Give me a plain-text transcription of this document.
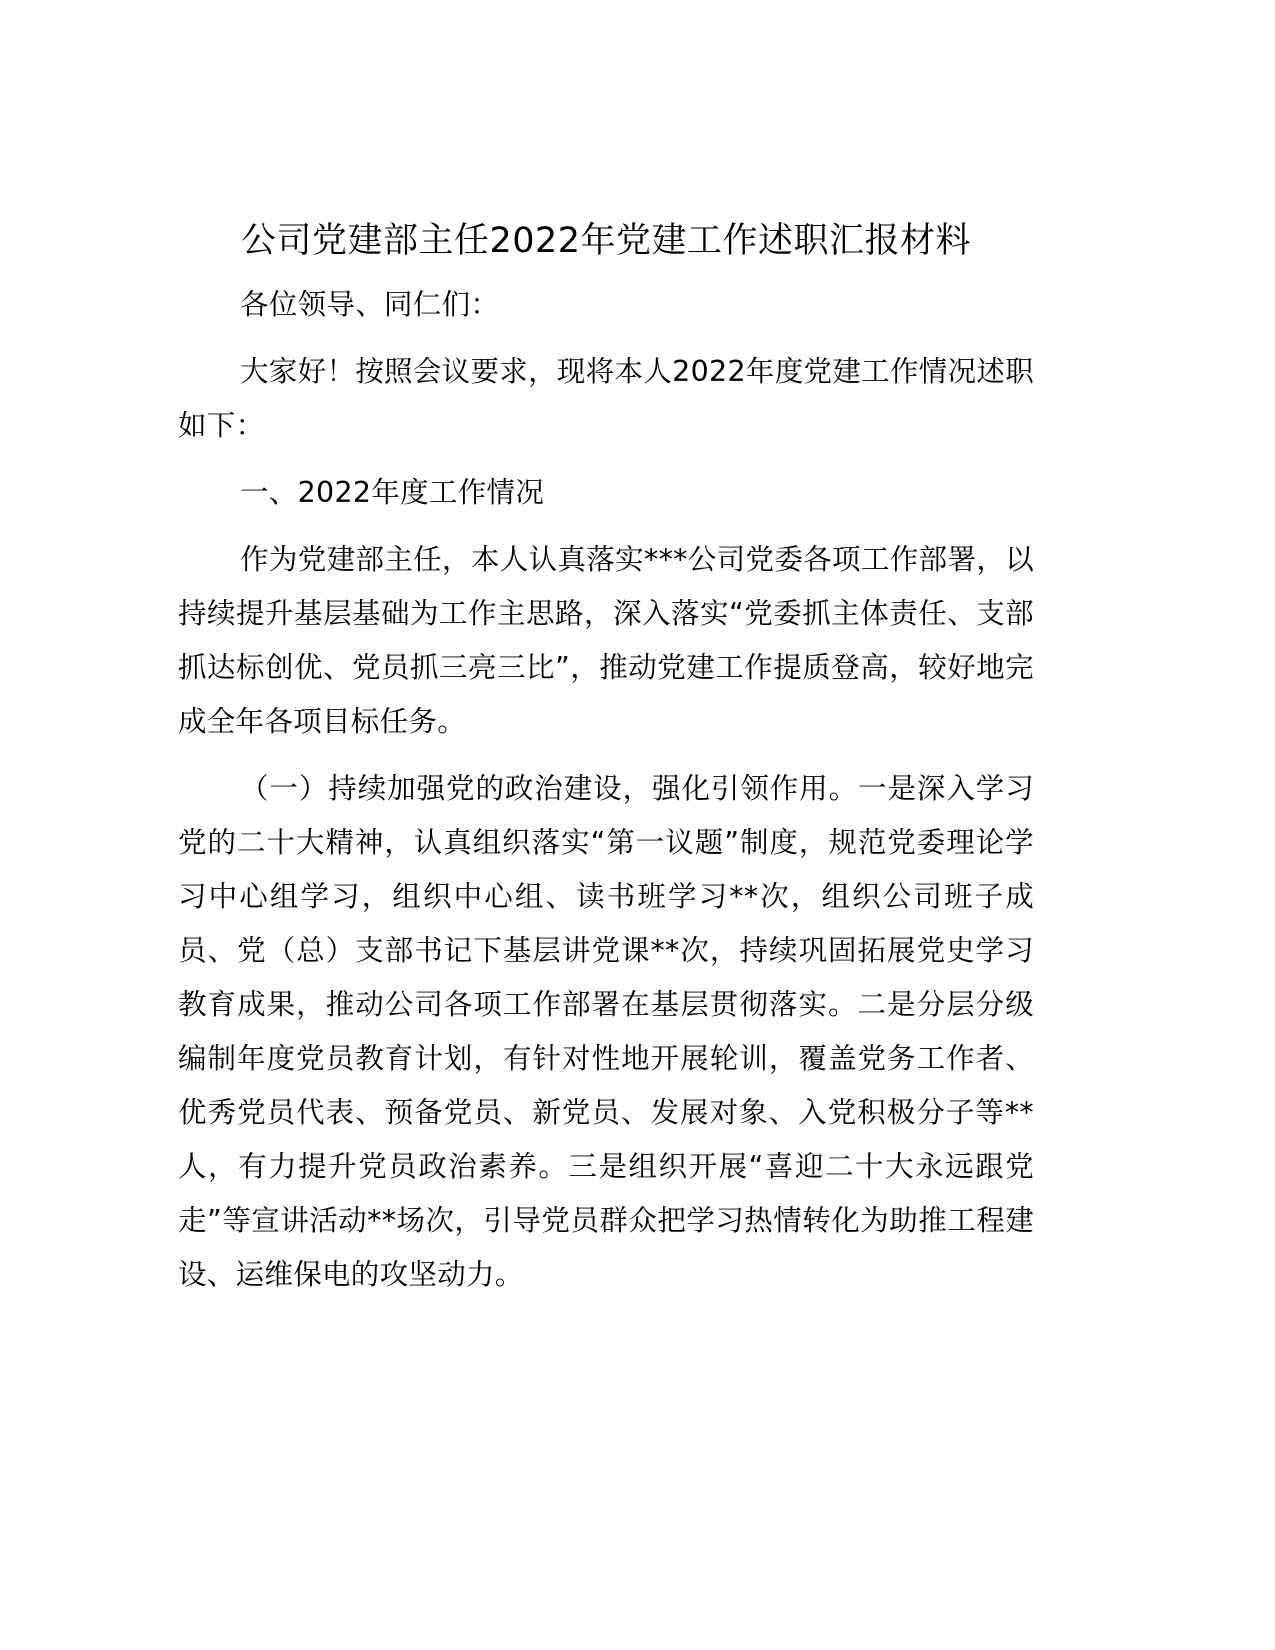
公司党建部主任2022年党建工作述职汇报材料

各位领导、同仁们：

大家好！按照会议要求，现将本人2022年度党建工作情况述职如下：

一、2022年度工作情况

作为党建部主任，本人认真落实***公司党委各项工作部署，以持续提升基层基础为工作主思路，深入落实“党委抓主体责任、支部抓达标创优、党员抓三亮三比”，推动党建工作提质登高，较好地完成全年各项目标任务。

（一）持续加强党的政治建设，强化引领作用。一是深入学习党的二十大精神，认真组织落实“第一议题”制度，规范党委理论学习中心组学习，组织中心组、读书班学习**次，组织公司班子成员、党（总）支部书记下基层讲党课**次，持续巩固拓展党史学习教育成果，推动公司各项工作部署在基层贯彻落实。二是分层分级编制年度党员教育计划，有针对性地开展轮训，覆盖党务工作者、优秀党员代表、预备党员、新党员、发展对象、入党积极分子等**人，有力提升党员政治素养。三是组织开展“喜迎二十大永远跟党走”等宣讲活动**场次，引导党员群众把学习热情转化为助推工程建设、运维保电的攻坚动力。
